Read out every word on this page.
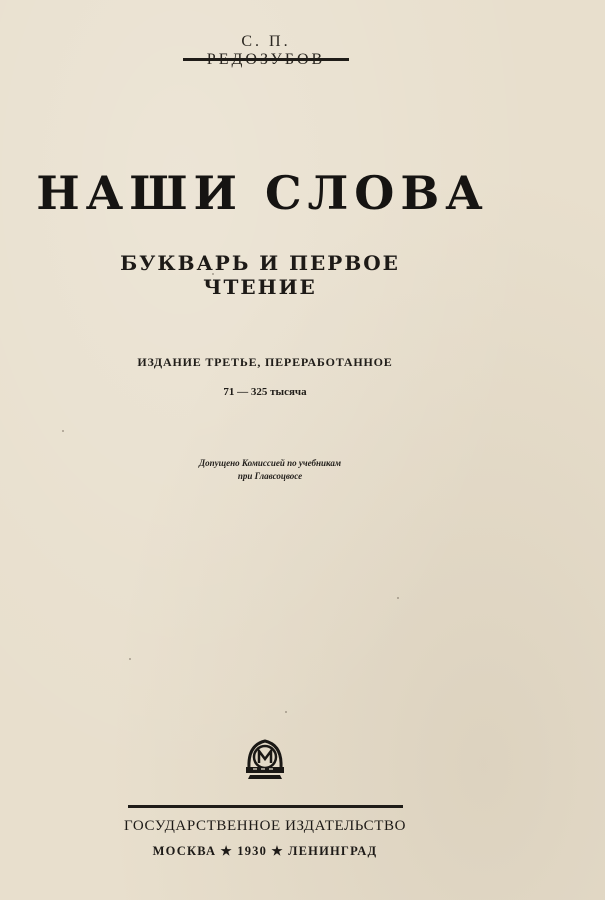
С. П.
НАШИ СЛОВА
БУКВАРЬ И ПЕРВОЕ ЧТЕНИЕ
ИЗДАНИЕ ТРЕТЬЕ, ПЕРЕРАБОТАННОЕ
71 — 325 тысяча
Допущено Комиссией по учебникам
при Главсоцвосе
ГОСУДАРСТВЕННОЕ ИЗДАТЕЛЬСТВО
МОСКВА ★ 1930 ★ ЛЕНИНГРАД
